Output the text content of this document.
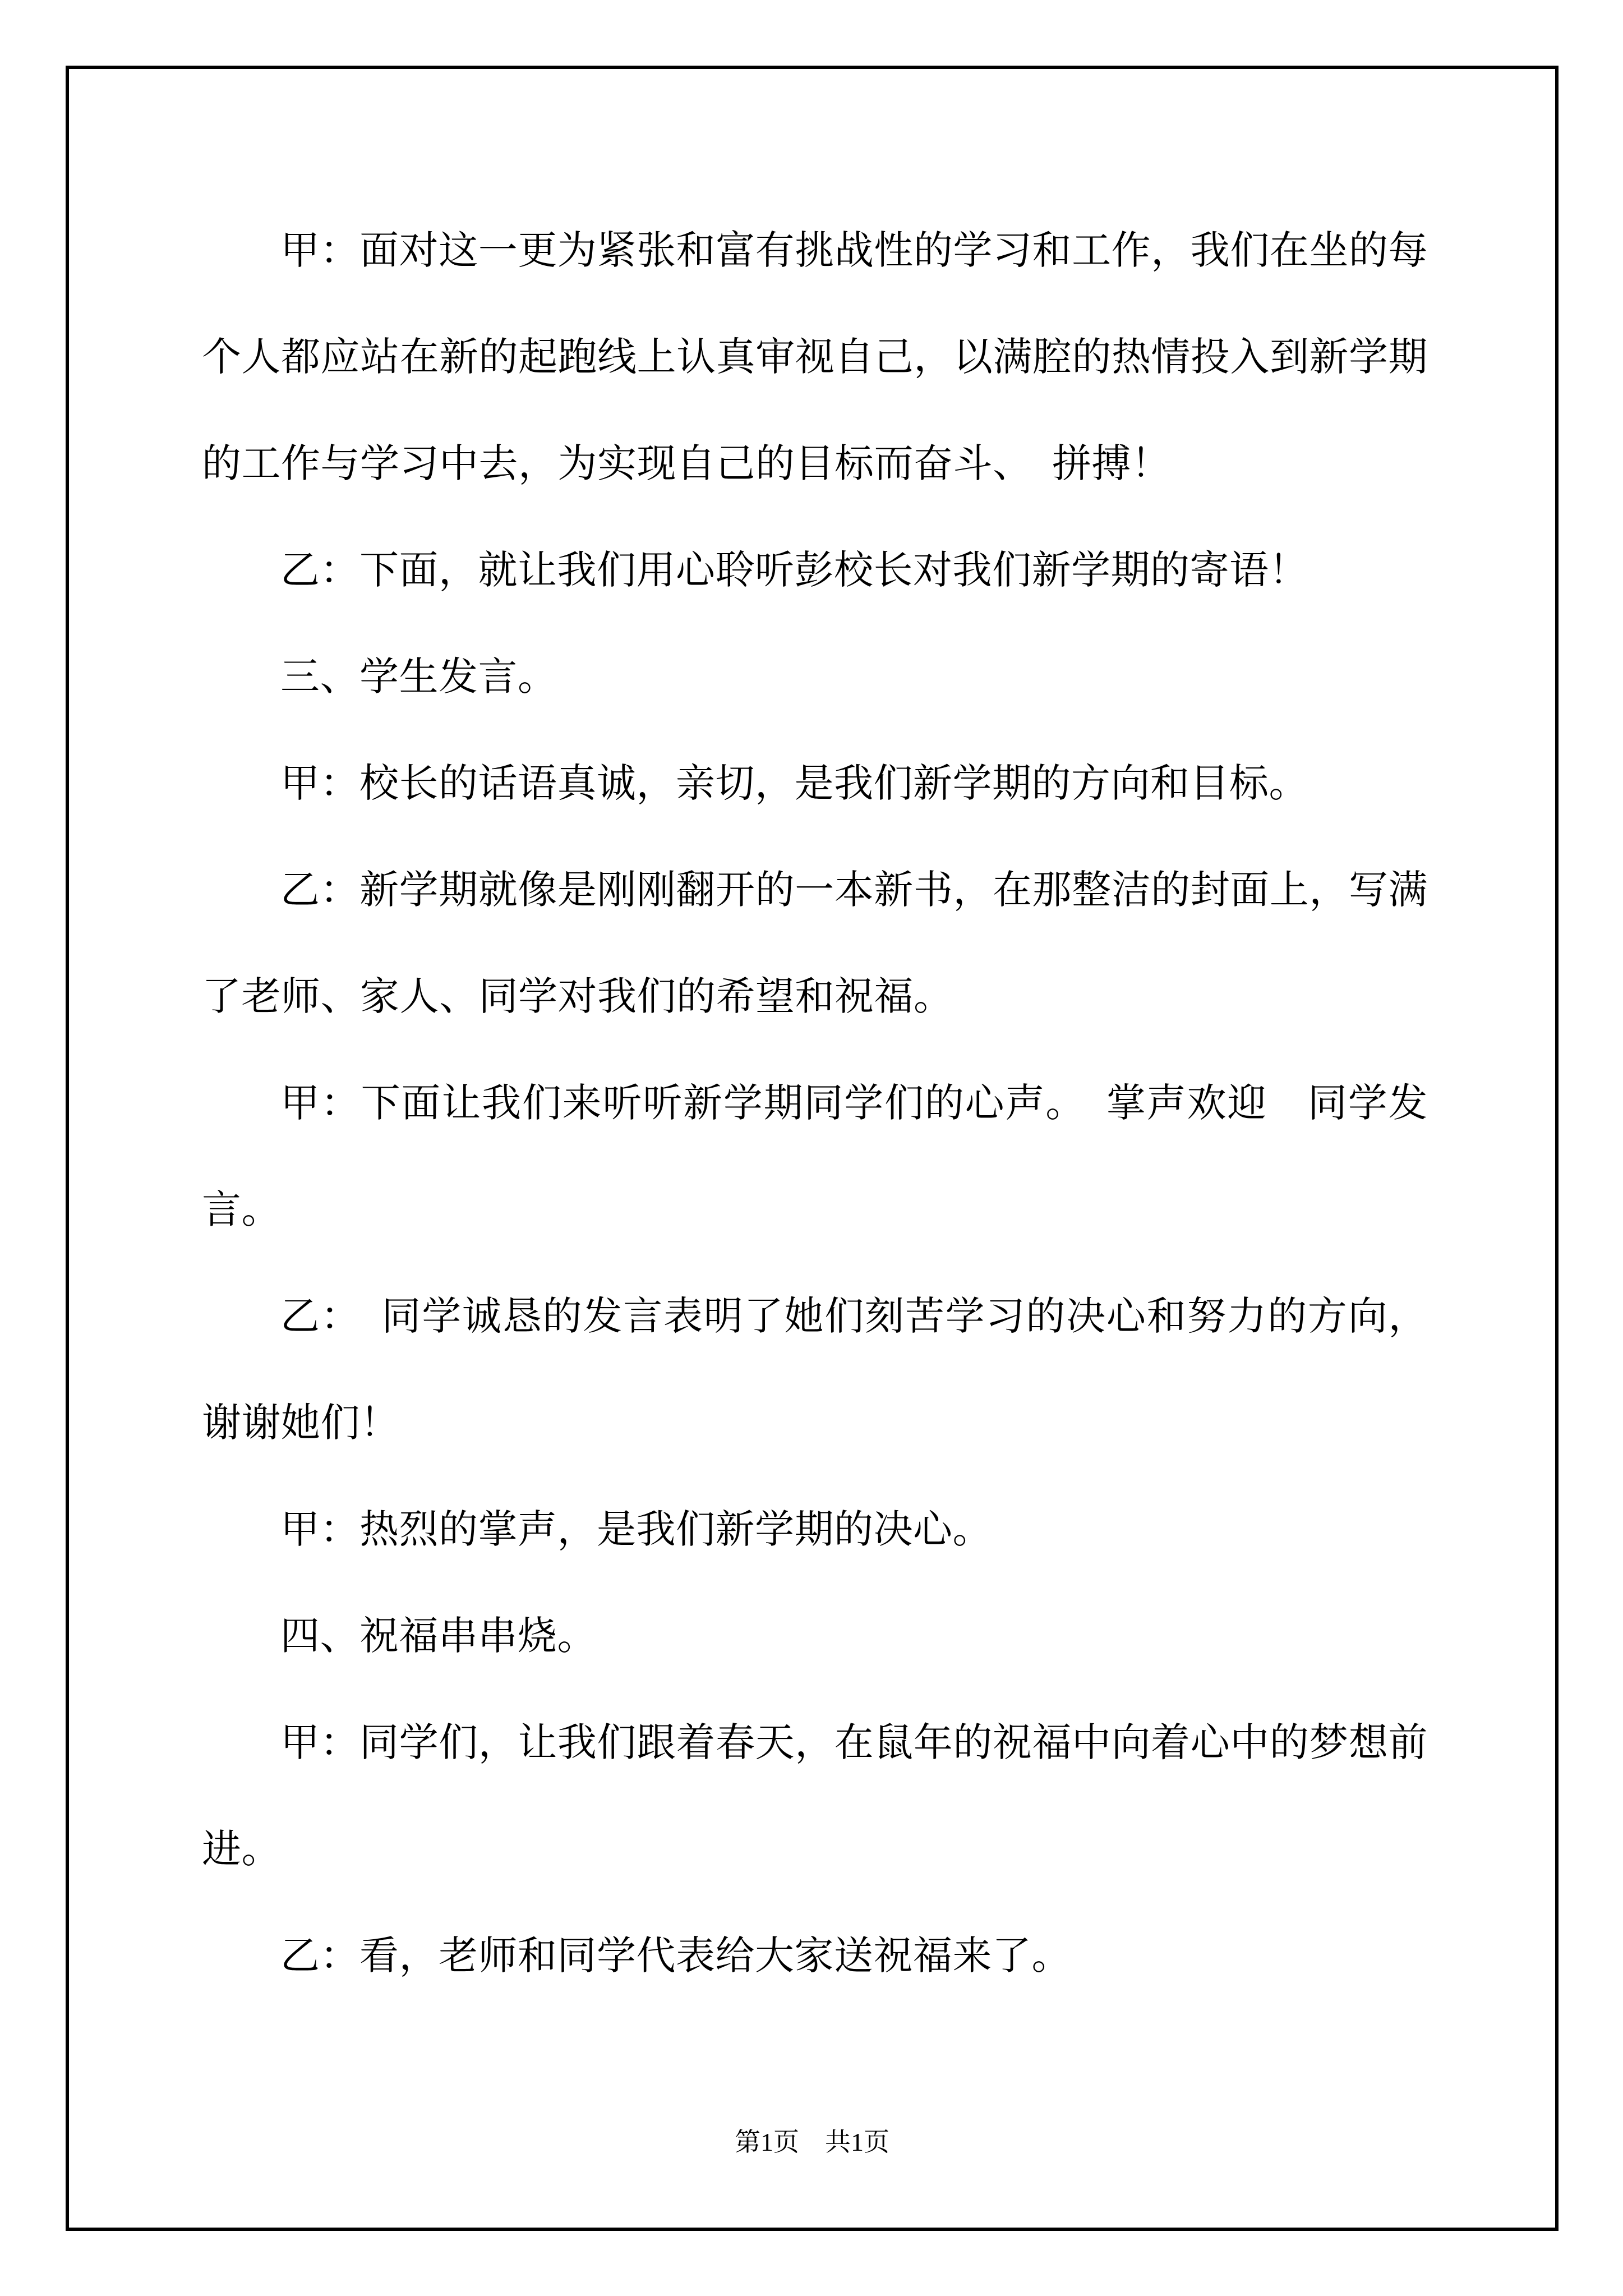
甲：面对这一更为紧张和富有挑战性的学习和工作，我们在坐的每个人都应站在新的起跑线上认真审视自己，以满腔的热情投入到新学期的工作与学习中去，为实现自己的目标而奋斗、　拼搏！

乙：下面，就让我们用心聆听彭校长对我们新学期的寄语！

三、学生发言。

甲：校长的话语真诚，亲切，是我们新学期的方向和目标。

乙：新学期就像是刚刚翻开的一本新书，在那整洁的封面上，写满了老师、家人、同学对我们的希望和祝福。

甲：下面让我们来听听新学期同学们的心声。　掌声欢迎　同学发言。

乙：　同学诚恳的发言表明了她们刻苦学习的决心和努力的方向，谢谢她们！

甲：热烈的掌声，是我们新学期的决心。

四、祝福串串烧。

甲：同学们，让我们跟着春天，在鼠年的祝福中向着心中的梦想前进。

乙：看，老师和同学代表给大家送祝福来了。

第1页　共1页
